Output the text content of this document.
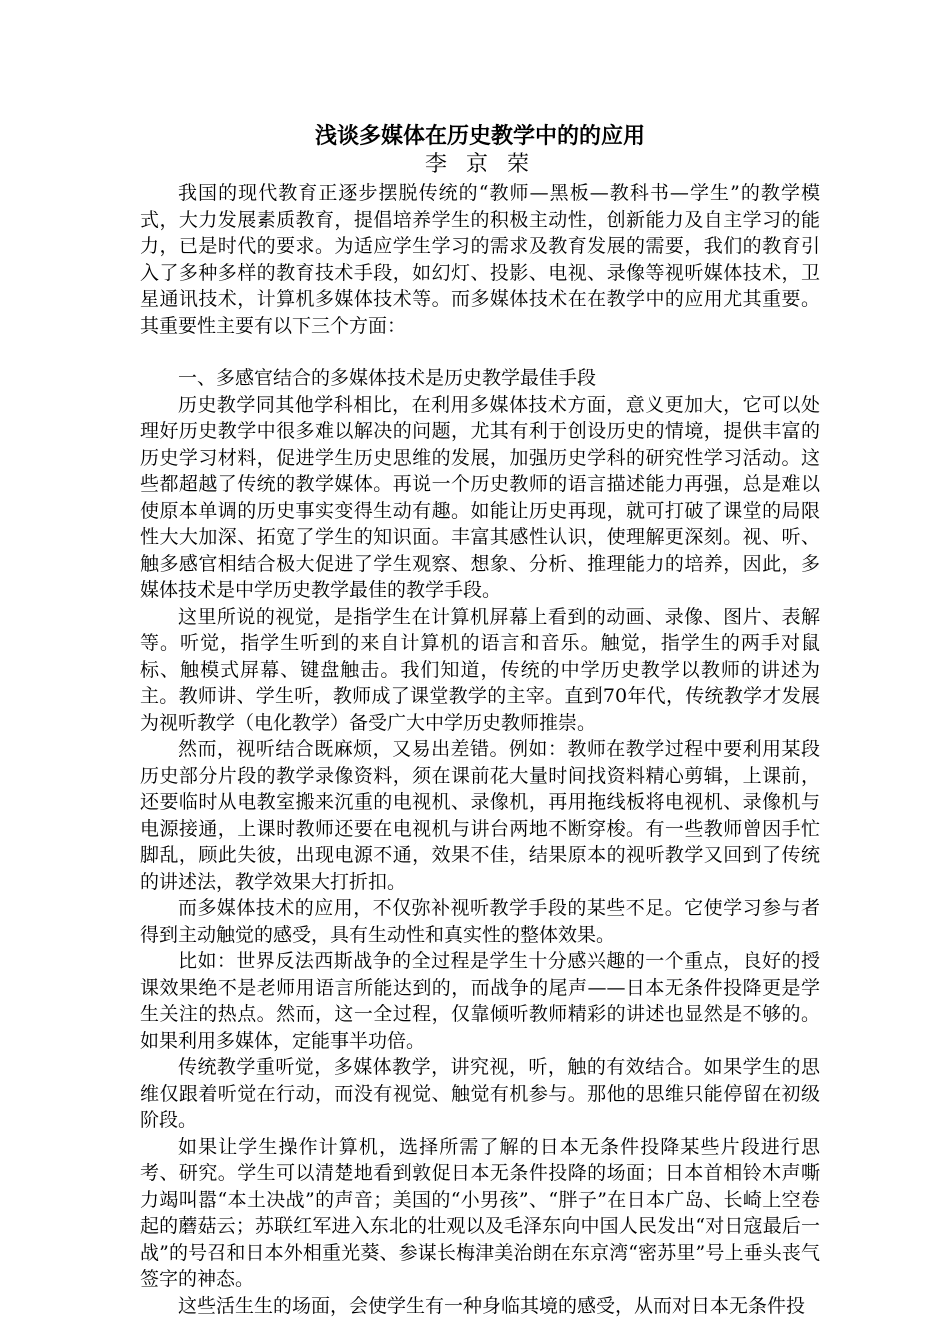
浅谈多媒体在历史教学中的的应用

李 京 荣

我国的现代教育正逐步摆脱传统的“教师—黑板—教科书—学生”的教学模式，大力发展素质教育，提倡培养学生的积极主动性，创新能力及自主学习的能力，已是时代的要求。为适应学生学习的需求及教育发展的需要，我们的教育引入了多种多样的教育技术手段，如幻灯、投影、电视、录像等视听媒体技术，卫星通讯技术，计算机多媒体技术等。而多媒体技术在在教学中的应用尤其重要。其重要性主要有以下三个方面：

一、多感官结合的多媒体技术是历史教学最佳手段

历史教学同其他学科相比，在利用多媒体技术方面，意义更加大，它可以处理好历史教学中很多难以解决的问题，尤其有利于创设历史的情境，提供丰富的历史学习材料，促进学生历史思维的发展，加强历史学科的研究性学习活动。这些都超越了传统的教学媒体。再说一个历史教师的语言描述能力再强，总是难以使原本单调的历史事实变得生动有趣。如能让历史再现，就可打破了课堂的局限性大大加深、拓宽了学生的知识面。丰富其感性认识，使理解更深刻。视、听、触多感官相结合极大促进了学生观察、想象、分析、推理能力的培养，因此，多媒体技术是中学历史教学最佳的教学手段。

这里所说的视觉，是指学生在计算机屏幕上看到的动画、录像、图片、表解等。听觉，指学生听到的来自计算机的语言和音乐。触觉，指学生的两手对鼠标、触模式屏幕、键盘触击。我们知道，传统的中学历史教学以教师的讲述为主。教师讲、学生听，教师成了课堂教学的主宰。直到70年代，传统教学才发展为视听教学（电化教学）备受广大中学历史教师推崇。

然而，视听结合既麻烦，又易出差错。例如：教师在教学过程中要利用某段历史部分片段的教学录像资料，须在课前花大量时间找资料精心剪辑，上课前，还要临时从电教室搬来沉重的电视机、录像机，再用拖线板将电视机、录像机与电源接通，上课时教师还要在电视机与讲台两地不断穿梭。有一些教师曾因手忙脚乱，顾此失彼，出现电源不通，效果不佳，结果原本的视听教学又回到了传统的讲述法，教学效果大打折扣。

而多媒体技术的应用，不仅弥补视听教学手段的某些不足。它使学习参与者得到主动触觉的感受，具有生动性和真实性的整体效果。

比如：世界反法西斯战争的全过程是学生十分感兴趣的一个重点，良好的授课效果绝不是老师用语言所能达到的，而战争的尾声——日本无条件投降更是学生关注的热点。然而，这一全过程，仅靠倾听教师精彩的讲述也显然是不够的。如果利用多媒体，定能事半功倍。

传统教学重听觉，多媒体教学，讲究视，听，触的有效结合。如果学生的思维仅跟着听觉在行动，而没有视觉、触觉有机参与。那他的思维只能停留在初级阶段。

如果让学生操作计算机，选择所需了解的日本无条件投降某些片段进行思考、研究。学生可以清楚地看到敦促日本无条件投降的场面；日本首相铃木声嘶力竭叫嚣“本土决战”的声音；美国的“小男孩”、“胖子”在日本广岛、长崎上空卷起的蘑菇云；苏联红军进入东北的壮观以及毛泽东向中国人民发出“对日寇最后一战”的号召和日本外相重光葵、参谋长梅津美治朗在东京湾“密苏里”号上垂头丧气签字的神态。

这些活生生的场面，会使学生有一种身临其境的感受，从而对日本无条件投
